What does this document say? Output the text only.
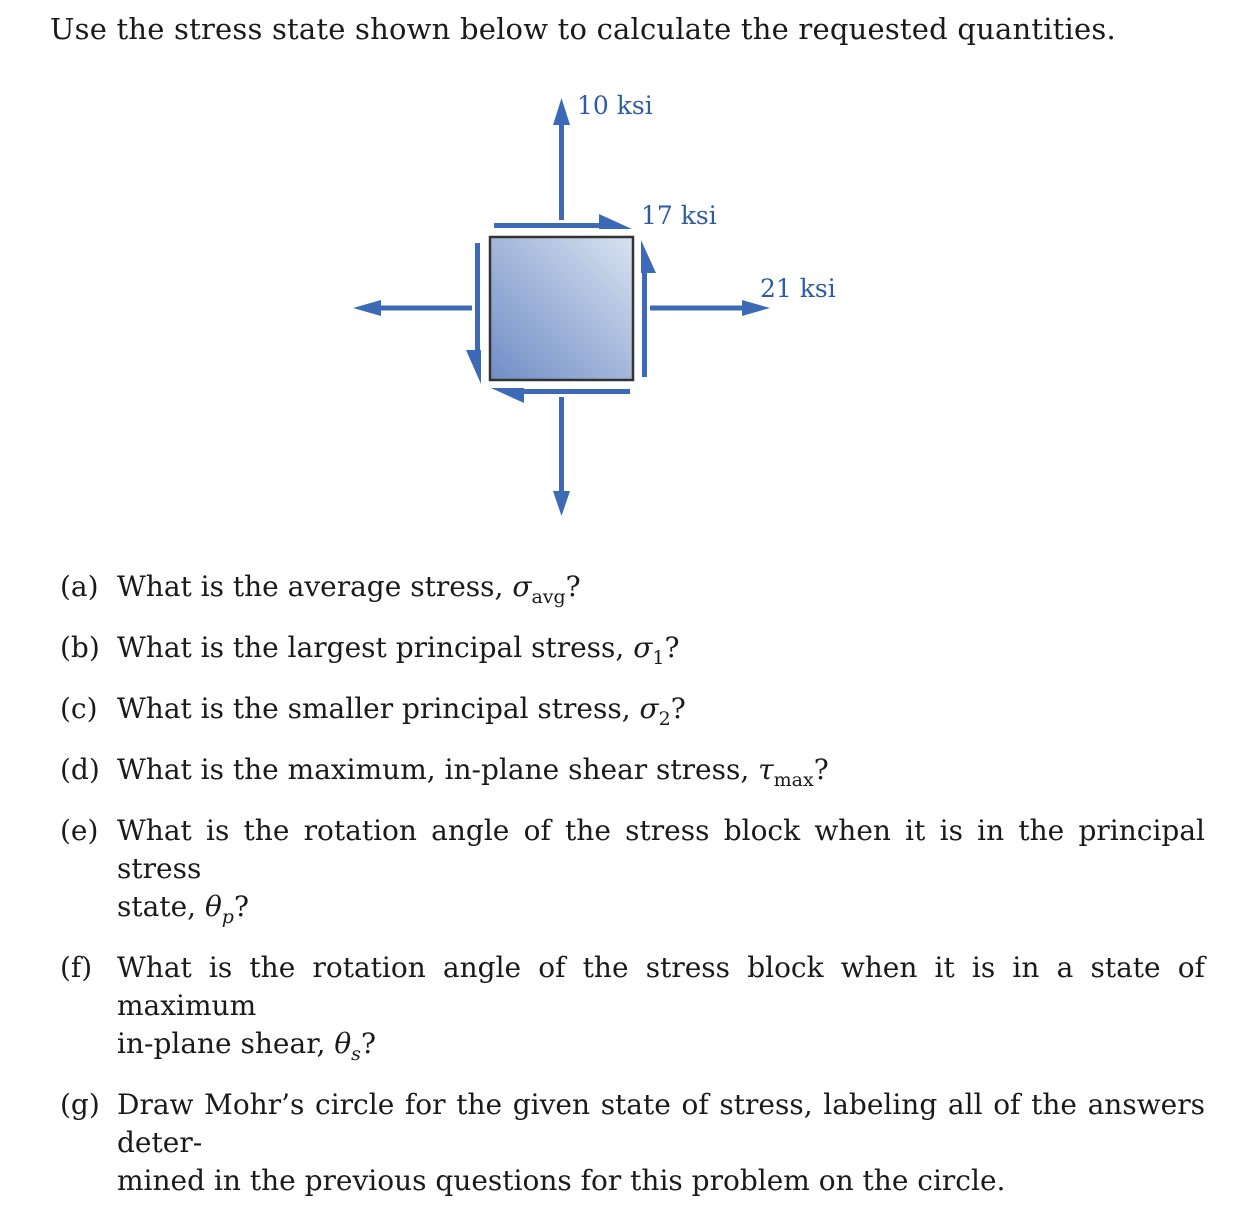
Use the stress state shown below to calculate the requested quantities.
10 ksi
17 ksi
21 ksi
(a) What is the average stress, $\sigma_{avg}$?
(b) What is the largest principal stress, $\sigma_1$?
(c) What is the smaller principal stress, $\sigma_2$?
(d) What is the maximum, in-plane shear stress, $\tau_{max}$?
(e) What is the rotation angle of the stress block when it is in the principal stress
state, $\theta_p$?
(f) What is the rotation angle of the stress block when it is in a state of maximum
in-plane shear, $\theta_s$?
(g) Draw Mohr’s circle for the given state of stress, labeling all of the answers deter-
mined in the previous questions for this problem on the circle.
